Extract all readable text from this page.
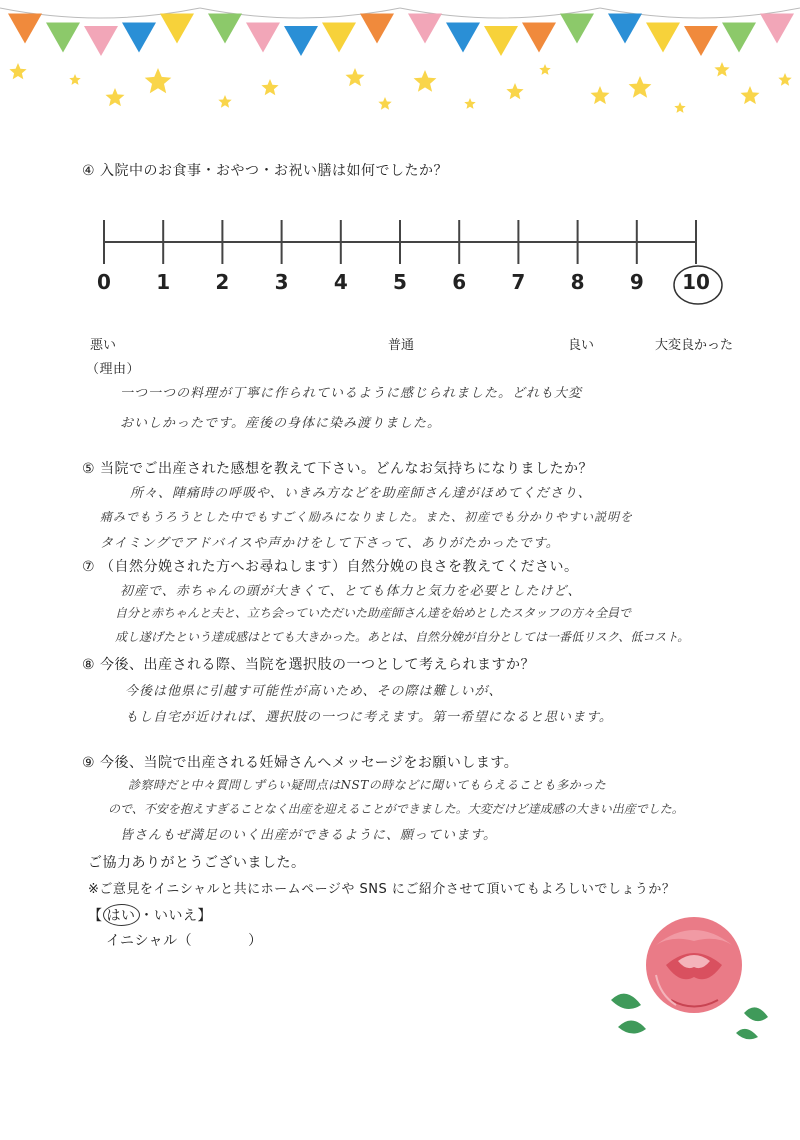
④ 入院中のお食事・おやつ・お祝い膳は如何でしたか？
0	1	2	3	4	5	6	7	8	9	10
悪い	普通	良い	大変良かった
（理由）
一つ一つの料理が丁寧に作られているように感じられました。どれも大変
おいしかったです。産後の身体に染み渡りました。
⑤ 当院でご出産された感想を教えて下さい。どんなお気持ちになりましたか？
所々、陣痛時の呼吸や、いきみ方などを助産師さん達がほめてくださり、
痛みでもうろうとした中でもすごく励みになりました。また、初産でも分かりやすい説明を
タイミングでアドバイスや声かけをして下さって、ありがたかったです。
⑦ （自然分娩された方へお尋ねします）自然分娩の良さを教えてください。
初産で、赤ちゃんの頭が大きくて、とても体力と気力を必要としたけど、
自分と赤ちゃんと夫と、立ち会っていただいた助産師さん達を始めとしたスタッフの方々全員で
成し遂げたという達成感はとても大きかった。あとは、自然分娩が自分としては一番低リスク、低コスト。
⑧ 今後、出産される際、当院を選択肢の一つとして考えられますか？
今後は他県に引越す可能性が高いため、その際は難しいが、
もし自宅が近ければ、選択肢の一つに考えます。第一希望になると思います。
⑨ 今後、当院で出産される妊婦さんへメッセージをお願いします。
診察時だと中々質問しずらい疑問点はNSTの時などに聞いてもらえることも多かった
ので、不安を抱えすぎることなく出産を迎えることができました。大変だけど達成感の大きい出産でした。
皆さんもぜ満足のいく出産ができるように、願っています。
ご協力ありがとうございました。
※ご意見をイニシャルと共にホームページや SNS にご紹介させて頂いてもよろしいでしょうか？
【 はい ・いいえ】
イニシャル（	）
